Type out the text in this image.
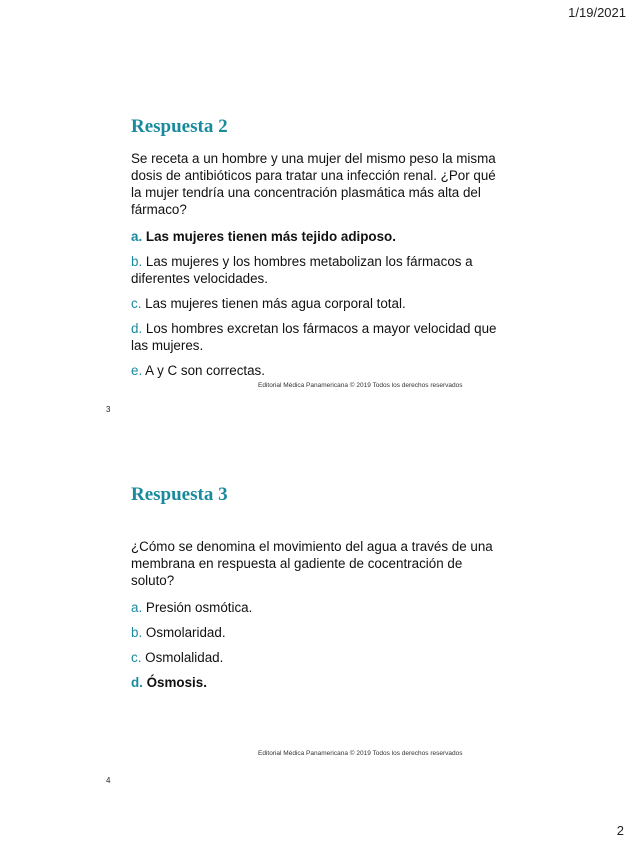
1/19/2021
Respuesta 2

Se receta a un hombre y una mujer del mismo peso la misma dosis de antibióticos para tratar una infección renal. ¿Por qué la mujer tendría una concentración plasmática más alta del fármaco?

a. Las mujeres tienen más tejido adiposo.

b. Las mujeres y los hombres metabolizan los fármacos a diferentes velocidades.

c. Las mujeres tienen más agua corporal total.

d. Los hombres excretan los fármacos a mayor velocidad que las mujeres.

e. A y C son correctas.

Editorial Médica Panamericana © 2019 Todos los derechos reservados
3
Respuesta 3

¿Cómo se denomina el movimiento del agua a través de una membrana en respuesta al gadiente de cocentración de soluto?

a. Presión osmótica.

b. Osmolaridad.

c. Osmolalidad.

d. Ósmosis.

Editorial Médica Panamericana © 2019 Todos los derechos reservados
4
2
